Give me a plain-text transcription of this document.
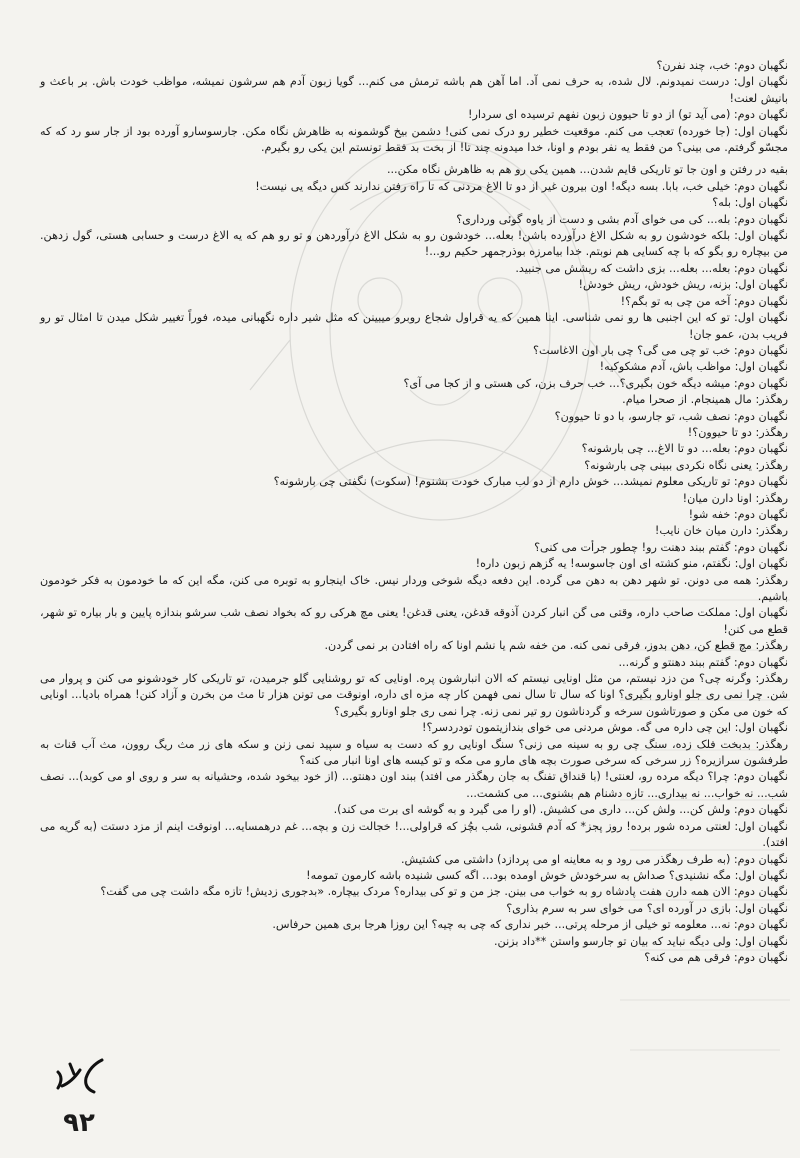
نگهبان دوم: خب، چند نفرن؟

نگهبان اول: درست نمیدونم. لال شده، به حرف نمی آد. اما آهن هم باشه ترمش می کنم... گویا زبون آدم هم سرشون نمیشه، مواظب خودت باش. بر باعث و بانیش لعنت!

نگهبان دوم: (می آید تو) از دو تا حیوون زبون نفهم ترسیده ای سردار!

نگهبان اول: (جا خورده) تعجب می کنم. موقعیت خطیر رو درک نمی کنی! دشمن بیخ گوشمونه به ظاهرش نگاه مکن. جارسوسارو آورده بود از جار سو رد که که مجسّو گرفتم. می بینی؟ من فقط یه نفر بودم و اونا، خدا میدونه چند تا! از بخت بد فقط تونستم این یکی رو بگیرم.

بقیه در رفتن و اون جا تو تاریکی قایم شدن... همین یکی رو هم به ظاهرش نگاه مکن...

نگهبان دوم: خیلی خب، بابا. بسه دیگه! اون بیرون غیر از دو تا الاغ مردنی که تا راه رفتن ندارند کس دیگه یی نیست!

نگهبان اول: بله؟

نگهبان دوم: بله... کی می خوای آدم بشی و دست از یاوه گوئی ورداری؟

نگهبان اول: بلکه خودشون رو به شکل الاغ درآورده باشن! بعله... خودشون رو به شکل الاغ درآوردهن و تو رو هم که یه الاغ درست و حسابی هستی، گول زدهن. من بیچاره رو بگو که با چه کسایی هم نوبتم. خدا بیامرزه بوذرجمهر حکیم رو...!

نگهبان دوم: بعله... بعله... بزی داشت که ریشش می جنبید.

نگهبان اول: بزنه، ریش خودش، ریش خودش!

نگهبان دوم: آخه من چی به تو بگم؟!

نگهبان اول: تو که این اجنبی ها رو نمی شناسی. اینا همین که یه قراول شجاع روبرو میبینن که مثل شیر داره نگهبانی میده، فوراً تغییر شکل میدن تا امثال تو رو فریب بدن، عمو جان!

نگهبان دوم: خب تو چی می گی؟ چی بار اون الاغاست؟

نگهبان اول: مواظب باش، آدم مشکوکیه!

نگهبان دوم: میشه دیگه خون بگیری؟... خب حرف بزن، کی هستی و از کجا می آی؟

رهگذر: مال همینجام. از صحرا میام.

نگهبان دوم: نصف شب، تو جارسو، با دو تا حیوون؟

رهگذر: دو تا حیوون؟!

نگهبان دوم: بعله... دو تا الاغ... چی بارشونه؟

رهگذر: یعنی نگاه نکردی ببینی چی بارشونه؟

نگهبان دوم: تو تاریکی معلوم نمیشد... خوش دارم از دو لب مبارک خودت بشنوم! (سکوت) نگفتی چی بارشونه؟

رهگذر: اونا دارن میان!

نگهبان دوم: خفه شو!

رهگذر: دارن میان خان نایب!

نگهبان دوم: گفتم ببند دهنت رو! چطور جرأت می کنی؟

نگهبان اول: نگفتم، منو کشته ای اون جاسوسه! یه گزهم زبون داره!

رهگذر: همه می دونن. تو شهر دهن به دهن می گرده. این دفعه دیگه شوخی وردار نیس. خاک اینجارو به توبره می کنن، مگه این که ما خودمون به فکر خودمون باشیم.

نگهبان اول: مملکت صاحب داره، وقتی می گن انبار کردن آذوقه قدغن، یعنی قدغن! یعنی مچ هرکی رو که بخواد نصف شب سرشو بندازه پایین و بار بیاره تو شهر، قطع می کنن!

رهگذر: مچ قطع کن، دهن بدوز، فرقی نمی کنه. من خفه شم یا نشم اونا که راه افتادن بر نمی گردن.

نگهبان دوم: گفتم ببند دهنتو و گرنه...

رهگذر: وگرنه چی؟ من دزد نیستم، من مثل اونایی نیستم که الان انبارشون پره. اونایی که تو روشنایی گلو جرمیدن، تو تاریکی کار خودشونو می کنن و پروار می شن. چرا نمی ری جلو اونارو بگیری؟ اونا که سال تا سال نمی فهمن کار چه مزه ای داره، اونوقت می تونن هزار تا مث من بخرن و آزاد کنن! همراه بادیا... اونایی که خون می مکن و صورتاشون سرخه و گردناشون رو تیر نمی زنه. چرا نمی ری جلو اونارو بگیری؟

نگهبان اول: این چی داره می گه. موش مردنی می خوای بندازیتمون تودردسر؟!

رهگذر: بدبخت فلک زده، سنگ چی رو به سینه می زنی؟ سنگ اونایی رو که دست به سیاه و سپید نمی زنن و سکه های زر مث ریگ روون، مث آب قنات به طرفشون سرازیره؟ زر سرخی که سرخی صورت بچه های مارو می مکه و تو کیسه های اونا انبار می کنه؟

نگهبان دوم: چرا؟ دیگه مرده رو، لعنتی! (با قنداق تفنگ به جان رهگذر می افتد) ببند اون دهنتو... (از خود بیخود شده، وحشیانه به سر و روی او می کوبد)... نصف شب... نه خواب... نه بیداری... تازه دشنام هم بشنوی... می کشمت...

نگهبان دوم: ولش کن... ولش کن... داری می کشیش. (او را می گیرد و به گوشه ای برت می کند).

نگهبان اول: لعنتی مرده شور برده! روز پجز* که آدم قشونی، شب بچُز که قراولی...! خجالت زن و بچه... غم درهمسایه... اونوقت اینم از مزد دستت (به گریه می افتد).

نگهبان دوم: (به طرف رهگذر می رود و به معاینه او می پردازد) داشتی می کشتیش.

نگهبان اول: مگه نشنیدی؟ صداش به سرخودش خوش اومده بود... اگه کسی شنیده باشه کارمون تمومه!

نگهبان دوم: الان همه دارن هفت پادشاه رو به خواب می بینن. جز من و تو کی بیداره؟ مردک بیچاره. «بدجوری زدیش! تازه مگه داشت چی می گفت؟

نگهبان اول: بازی در آورده ای؟ می خوای سر به سرم بذاری؟

نگهبان دوم: نه... معلومه تو خیلی از مرحله پرتی... خبر نداری که چی به چیه؟ این روزا هرجا بری همین حرفاس.

نگهبان اول: ولی دیگه نباید که بیان تو جارسو واستن **داد بزنن.

نگهبان دوم: فرقی هم می کنه؟

۹۲
